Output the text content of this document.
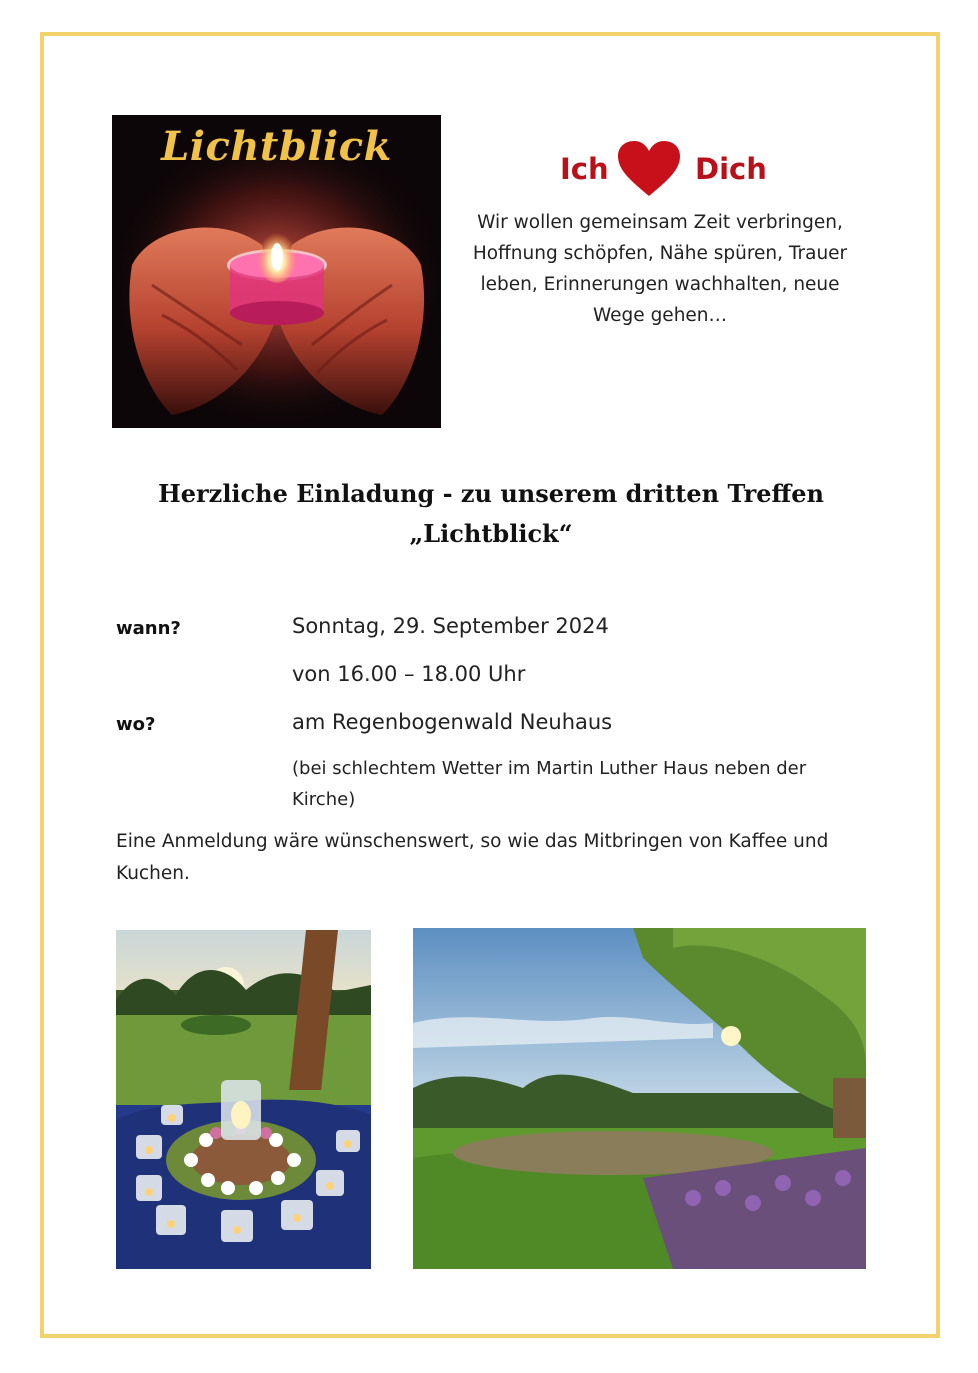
Lichtblick	Ich	Dich
Wir wollen gemeinsam Zeit verbringen,
Hoffnung schöpfen, Nähe spüren, Trauer
leben, Erinnerungen wachhalten, neue
Wege gehen…
Herzliche Einladung - zu unserem dritten Treffen
„Lichtblick“
wann?	Sonntag, 29. September 2024
von 16.00 – 18.00 Uhr
wo?	am Regenbogenwald Neuhaus
(bei schlechtem Wetter im Martin Luther Haus neben der
Kirche)
Eine Anmeldung wäre wünschenswert, so wie das Mitbringen von Kaffee und
Kuchen.
